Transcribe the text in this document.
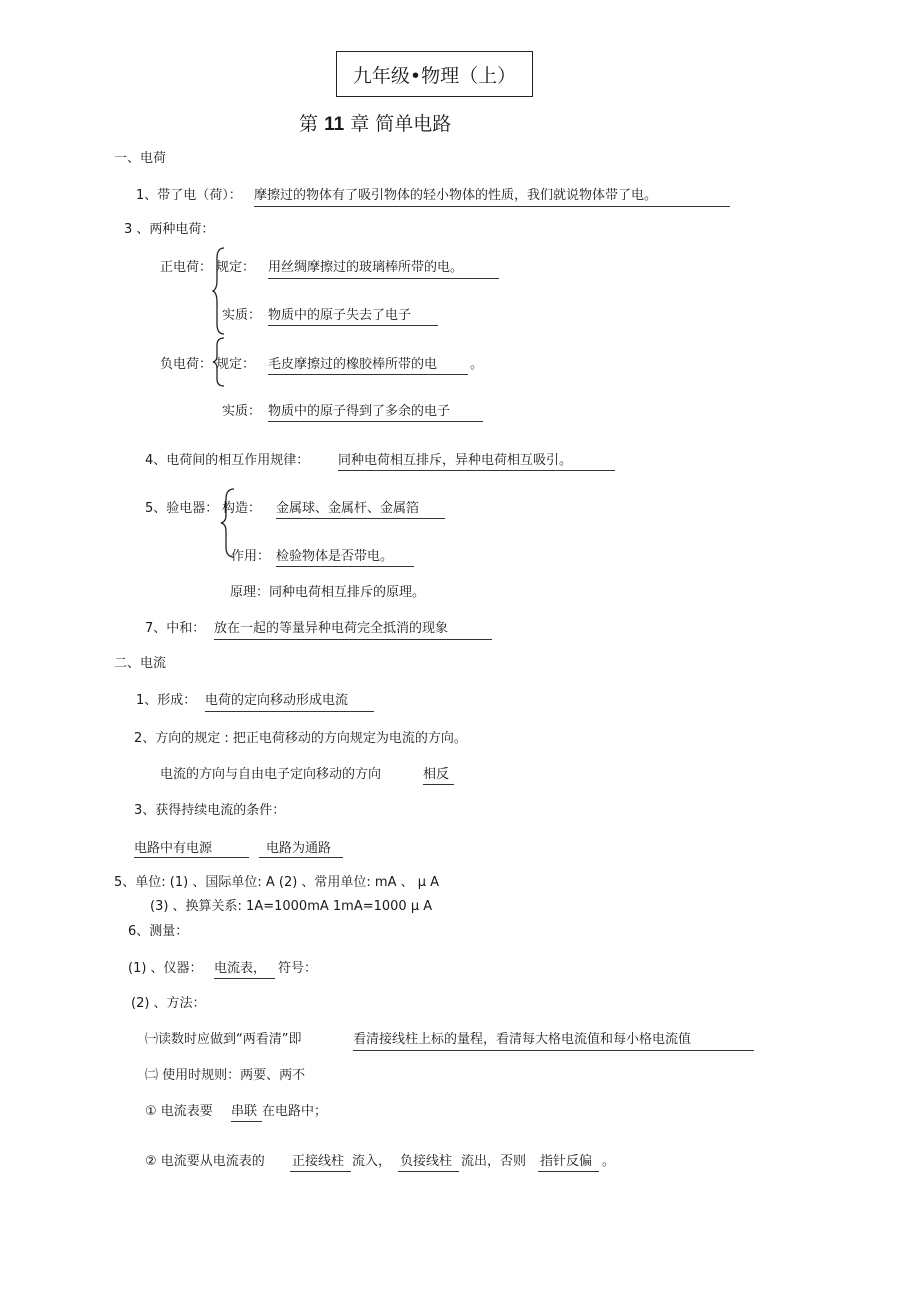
九年级•物理（上）
第 11 章 简单电路
一、电荷
1、带了电（荷）： 摩擦过的物体有了吸引物体的轻小物体的性质，我们就说物体带了电。
3 、两种电荷：
正电荷： 规定： 用丝绸摩擦过的玻璃棒所带的电。
实质： 物质中的原子失去了电子
负电荷： 规定： 毛皮摩擦过的橡胶棒所带的电	。
实质： 物质中的原子得到了多余的电子
4、电荷间的相互作用规律： 同种电荷相互排斥，异种电荷相互吸引。
5、验电器： 构造： 金属球、金属杆、金属箔
作用： 检验物体是否带电。
原理：同种电荷相互排斥的原理。
7、中和： 放在一起的等量异种电荷完全抵消的现象
二、电流
1、形成： 电荷的定向移动形成电流
2、方向的规定 : 把正电荷移动的方向规定为电流的方向。
电流的方向与自由电子定向移动的方向	相反
3、获得持续电流的条件：
电路中有电源	电路为通路
5、单位: (1) 、国际单位: A (2) 、常用单位: mA 、 μ A
(3) 、换算关系: 1A=1000mA 1mA=1000 μ A
6、测量：
(1) 、仪器： 电流表， 符号：
(2) 、方法：
㈠读数时应做到“两看清”即	看清接线柱上标的量程，看清每大格电流值和每小格电流值
㈡ 使用时规则：两要、两不
① 电流表要 串联 在电路中；
② 电流要从电流表的 正接线柱 流入， 负接线柱 流出，否则 指针反偏 。
